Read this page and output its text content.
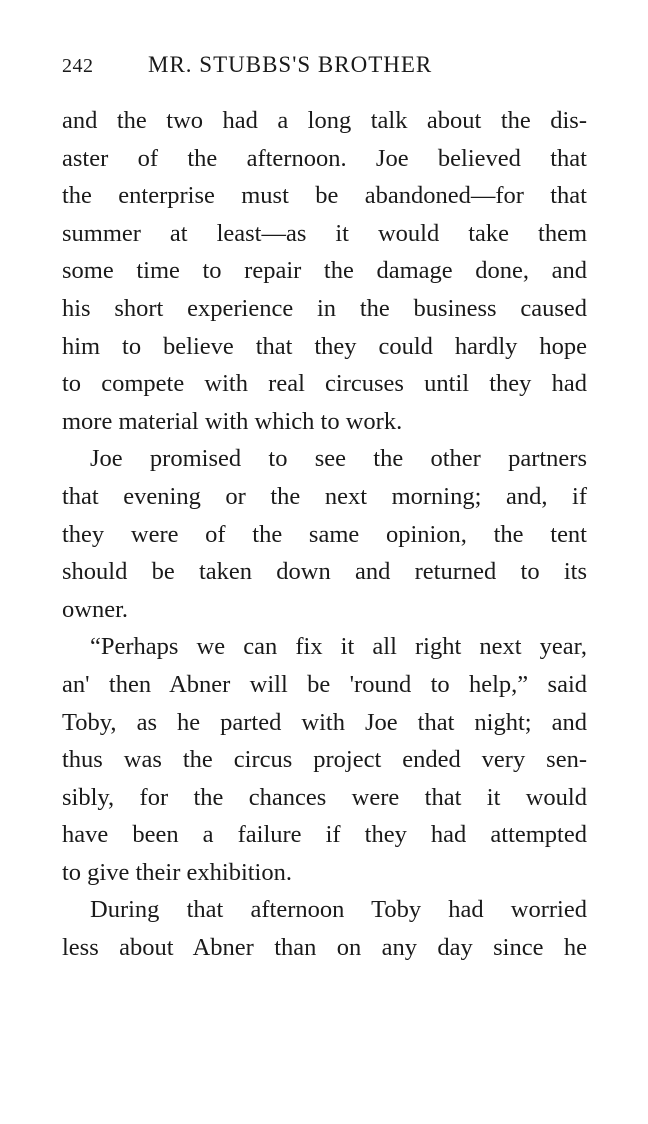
242	MR. STUBBS'S BROTHER
and the two had a long talk about the dis-
aster of the afternoon. Joe believed that
the enterprise must be abandoned—for that
summer at least—as it would take them
some time to repair the damage done, and
his short experience in the business caused
him to believe that they could hardly hope
to compete with real circuses until they had
more material with which to work.
Joe promised to see the other partners
that evening or the next morning; and, if
they were of the same opinion, the tent
should be taken down and returned to its
owner.
“Perhaps we can fix it all right next year,
an' then Abner will be 'round to help,” said
Toby, as he parted with Joe that night; and
thus was the circus project ended very sen-
sibly, for the chances were that it would
have been a failure if they had attempted
to give their exhibition.
During that afternoon Toby had worried
less about Abner than on any day since he
